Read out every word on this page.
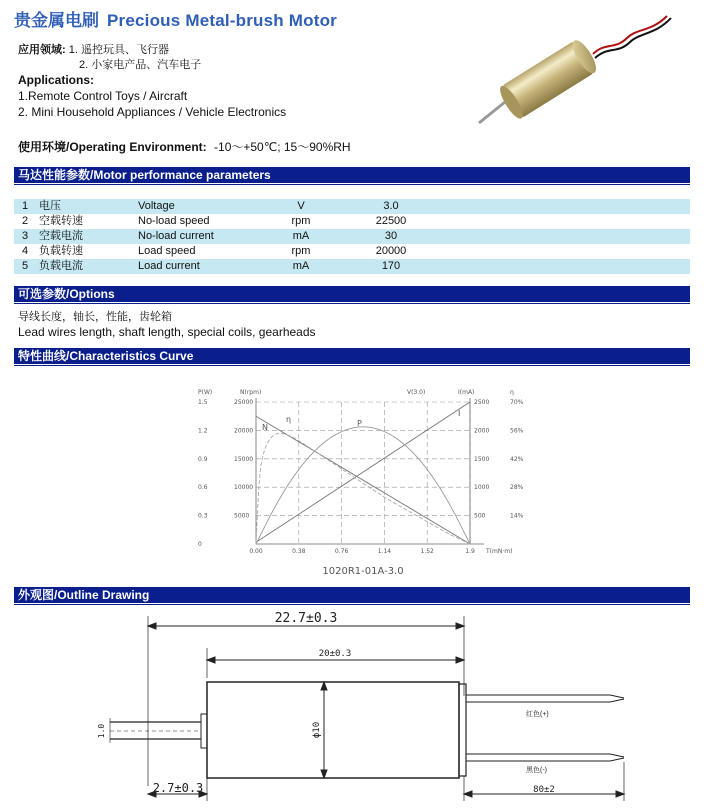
贵金属电刷 Precious Metal-brush Motor
应用领域: 1. 遥控玩具、飞行器
2. 小家电产品、汽车电子
Applications:
1.Remote Control Toys / Aircraft
2. Mini Household Appliances / Vehicle Electronics
使用环境/Operating Environment: -10～+50℃; 15～90%RH
马达性能参数/Motor performance parameters
1 电压	Voltage	V	3.0
2 空载转速	No-load speed	rpm	22500
3 空载电流	No-load current	mA	30
4 负载转速	Load speed	rpm	20000
5 负载电流	Load current	mA	170
可选参数/Options
导线长度，轴长，性能，齿轮箱
Lead wires length, shaft length, special coils, gearheads
特性曲线/Characteristics Curve
0.00	0.38	0.76	1.14	1.52	1.9 T(mN·m)
0
0.3
0.6
0.9
1.2
1.5
5000
10000
15000
20000
25000
P(W)	N(rpm)
500
1000
1500
2000
2500
14%
28%
42%
56%
70%
I(mA)	η
V(3.0)
N	P
η
I
1020R1-01A-3.0
外观图/Outline Drawing
22.7±0.3
20±0.3
ϕ10
1.0
2.7±0.3	80±2
红色(+)
黑色(-)
